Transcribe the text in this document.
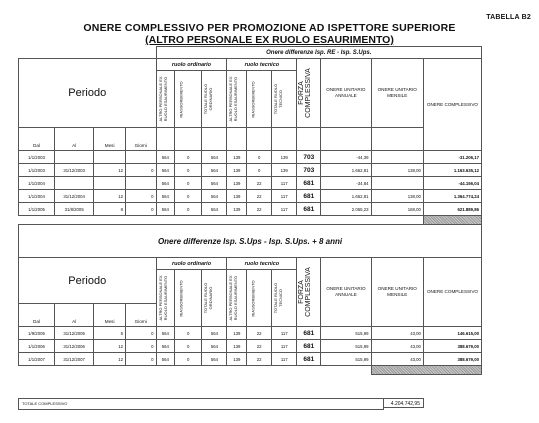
TABELLA B2
ONERE COMPLESSIVO PER PROMOZIONE AD ISPETTORE SUPERIORE
(ALTRO PERSONALE EX RUOLO ESAURIMENTO)
				Onere differenze Isp. RE - Isp. S.Ups.									
Periodo				ruolo ordinario			ruolo tecnico			FORZA COMPLESSIVA	ONERE UNITARIO ANNUALE	ONERE UNITARIO MENSILE	ONERE COMPLESSIVO

				ALTRO PERSONALE EX RUOLO ESAURIMENTO	RIASSORBIMENTO	TOTALE RUOLO ORDINARIO	ALTRO PERSONALE EX RUOLO ESAURIMENTO	RIASSORBIMENTO	TOTALE RUOLO TECNICO				

Dal	Al	Mesi	Giorni										
1/1/2003				564	0	564	139	0	139	703	-44,39		-31.206,17
1/1/2003	31/12/2003	12	0	564	0	564	139	0	139	703	1.662,81	138,00	1.163.635,12
1/1/2004				564	0	564	139	22	117	681	-34,84		-44.156,04
1/1/2004	31/12/2004	12	0	564	0	564	139	22	117	681	1.662,81	138,00	1.364.774,24
1/1/2005	31/8/2005	8	0	564	0	564	139	22	117	681	2.065,23	168,00	621.889,86

Onere differenze Isp. S.Ups - Isp. S.Ups. + 8 anni													
Periodo				ruolo ordinario			ruolo tecnico			FORZA COMPLESSIVA	ONERE UNITARIO ANNUALE	ONERE UNITARIO MENSILE	ONERE COMPLESSIVO

				ALTRO PERSONALE EX RUOLO ESAURIMENTO	RIASSORBIMENTO	TOTALE RUOLO ORDINARIO	ALTRO PERSONALE EX RUOLO ESAURIMENTO	RIASSORBIMENTO	TOTALE RUOLO TECNICO				

Dal	Al	Mesi	Giorni										
1/9/2005	31/12/2005	5	0	564	0	564	139	22	117	681	515,99	43,00	146.615,00
1/1/2006	31/12/2006	12	0	564	0	564	139	22	117	681	515,99	43,00	388.679,00
1/1/2007	31/12/2007	12	0	564	0	564	139	22	117	681	515,99	43,00	388.679,00

TOTALE COMPLESSIVO	4.204.742,95
